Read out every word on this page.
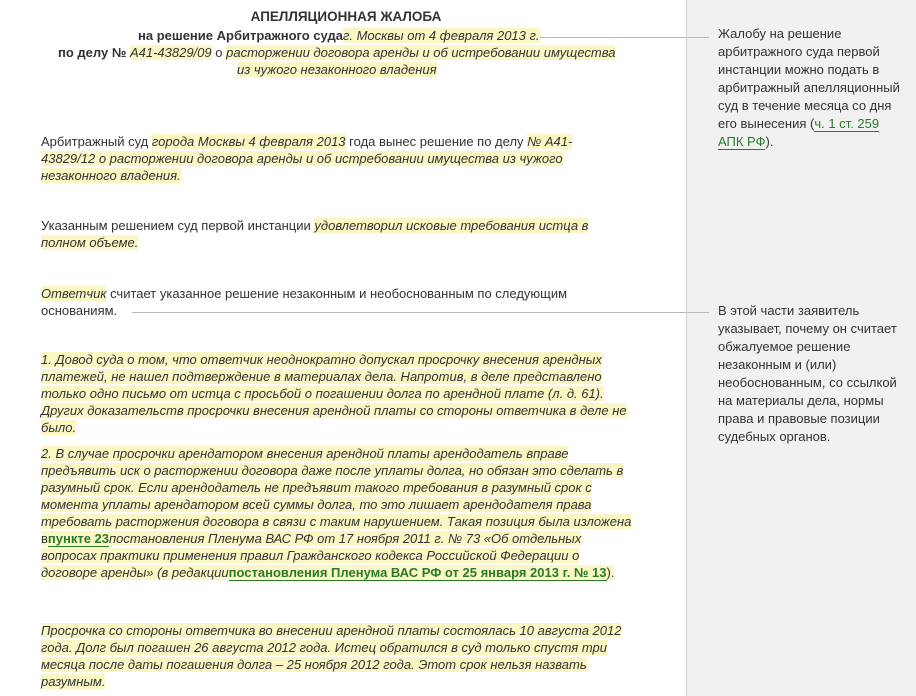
АПЕЛЛЯЦИОННАЯ ЖАЛОБА
на решение Арбитражного судаг. Москвы от 4 февраля 2013 г.
по делу № А41-43829/09 о расторжении договора аренды и об истребовании имущества
из чужого незаконного владения
Арбитражный суд города Москвы 4 февраля 2013 года вынес решение по делу № А41-43829/12 о расторжении договора аренды и об истребовании имущества из чужого незаконного владения.
Указанным решением суд первой инстанции удовлетворил исковые требования истца в полном объеме.
Ответчик считает указанное решение незаконным и необоснованным по следующим основаниям.
1. Довод суда о том, что ответчик неоднократно допускал просрочку внесения арендных платежей, не нашел подтверждение в материалах дела. Напротив, в деле представлено только одно письмо от истца с просьбой о погашении долга по арендной плате (л. д. 61). Других доказательств просрочки внесения арендной платы со стороны ответчика в деле не было.
2. В случае просрочки арендатором внесения арендной платы арендодатель вправе предъявить иск о расторжении договора даже после уплаты долга, но обязан это сделать в разумный срок. Если арендодатель не предъявит такого требования в разумный срок с момента уплаты арендатором всей суммы долга, то это лишает арендодателя права требовать расторжения договора в связи с таким нарушением. Такая позиция была изложена
впункте 23постановления Пленума ВАС РФ от 17 ноября 2011 г. № 73 «Об отдельных вопросах практики применения правил Гражданского кодекса Российской Федерации о договоре аренды» (в редакциипостановления Пленума ВАС РФ от 25 января 2013 г. № 13).
Просрочка со стороны ответчика во внесении арендной платы состоялась 10 августа 2012 года. Долг был погашен 26 августа 2012 года. Истец обратился в суд только спустя три месяца после даты погашения долга – 25 ноября 2012 года. Этот срок нельзя назвать разумным.
Жалобу на решение арбитражного суда первой инстанции можно подать в арбитражный апелляционный суд в течение месяца со дня его вынесения (ч. 1 ст. 259 АПК РФ).
В этой части заявитель указывает, почему он считает обжалуемое решение незаконным и (или) необоснованным, со ссылкой на материалы дела, нормы права и правовые позиции судебных органов.
